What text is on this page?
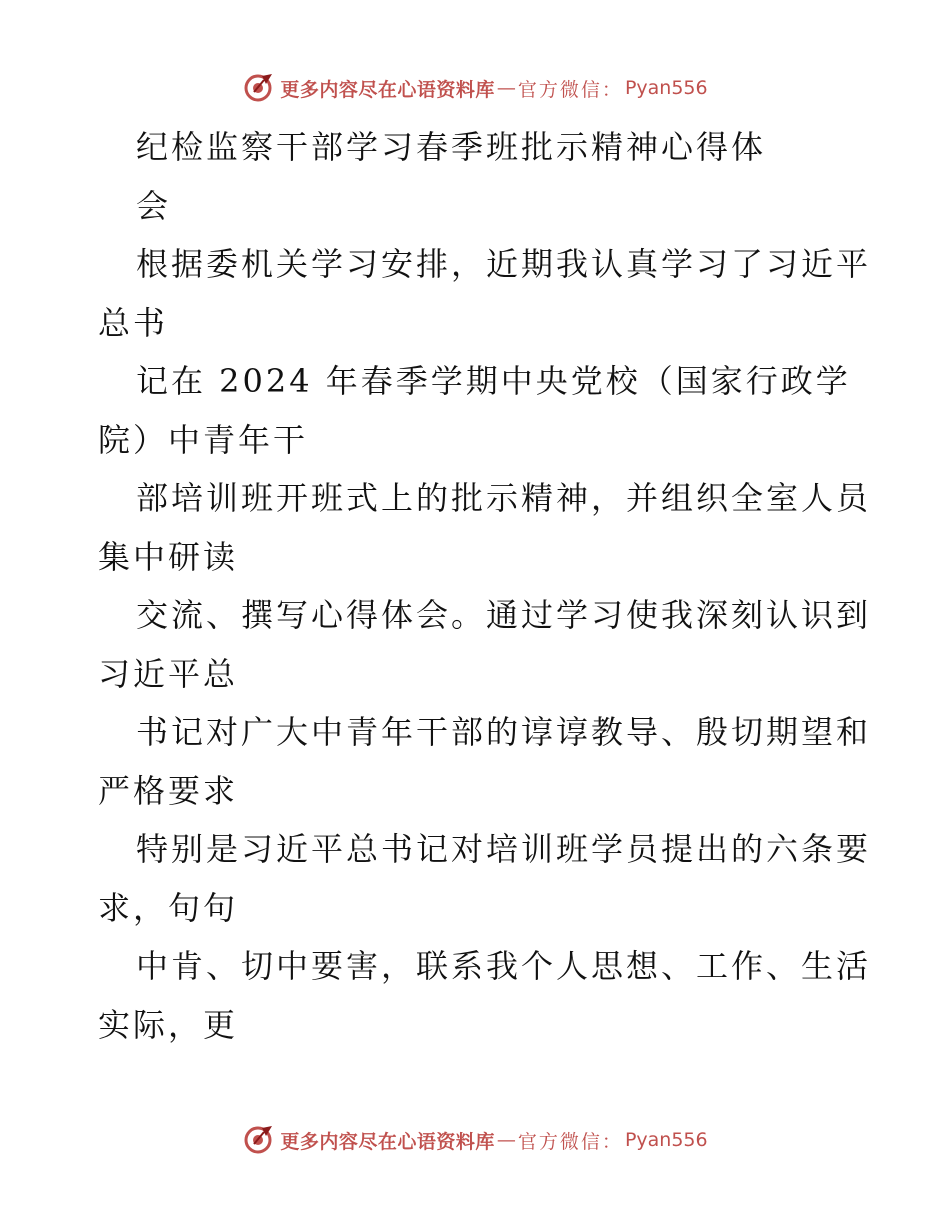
更多内容尽在心语资料库 — 官方微信： Pyan556
纪检监察干部学习春季班批示精神心得体
会
根据委机关学习安排，近期我认真学习了习近平
总书
记在 2024 年春季学期中央党校（国家行政学
院）中青年干
部培训班开班式上的批示精神，并组织全室人员
集中研读
交流、撰写心得体会。通过学习使我深刻认识到
习近平总
书记对广大中青年干部的谆谆教导、殷切期望和
严格要求
特别是习近平总书记对培训班学员提出的六条要
求，句句
中肯、切中要害，联系我个人思想、工作、生活
实际，更
更多内容尽在心语资料库 — 官方微信： Pyan556
